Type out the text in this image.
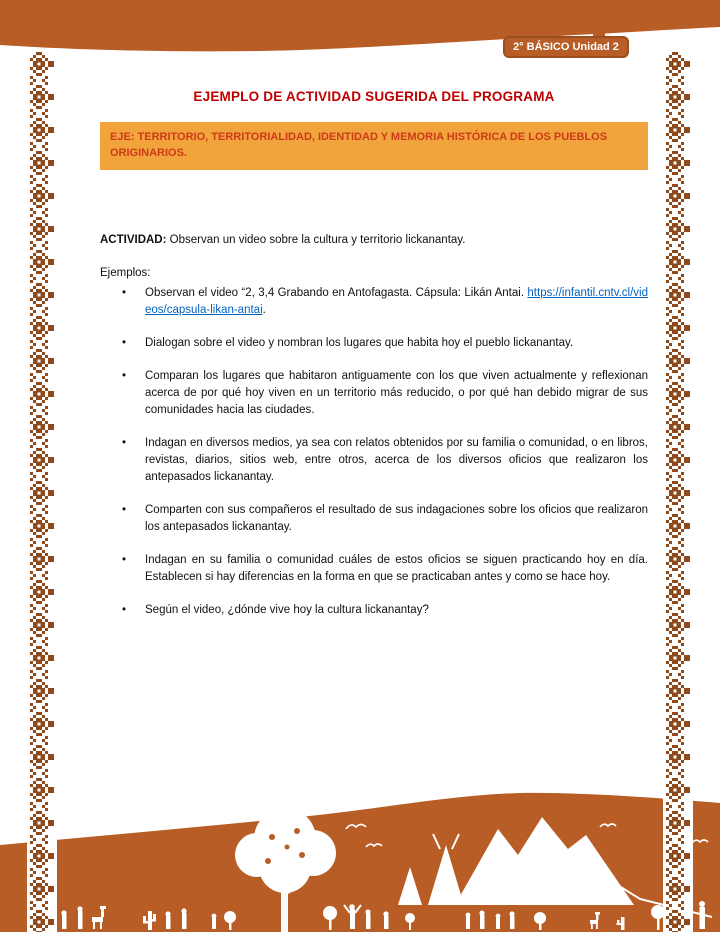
2° BÁSICO Unidad 2
EJEMPLO DE ACTIVIDAD SUGERIDA DEL PROGRAMA
EJE: TERRITORIO, TERRITORIALIDAD, IDENTIDAD Y MEMORIA HISTÓRICA DE LOS PUEBLOS ORIGINARIOS.

ACTIVIDAD: Observan un video sobre la cultura y territorio lickanantay.

Ejemplos:

•	Observan el video “2, 3,4 Grabando en Antofagasta. Cápsula: Likán Antai. https://infantil.cntv.cl/videos/capsula-likan-antai.
•	Dialogan sobre el video y nombran los lugares que habita hoy el pueblo lickanantay.
•	Comparan los lugares que habitaron antiguamente con los que viven actualmente y reflexionan acerca de por qué hoy viven en un territorio más reducido, o por qué han debido migrar de sus comunidades hacia las ciudades.
•	Indagan en diversos medios, ya sea con relatos obtenidos por su familia o comunidad, o en libros, revistas, diarios, sitios web, entre otros, acerca de los diversos oficios que realizaron los antepasados lickanantay.
•	Comparten con sus compañeros el resultado de sus indagaciones sobre los oficios que realizaron los antepasados lickanantay.
•	Indagan en su familia o comunidad cuáles de estos oficios se siguen practicando hoy en día. Establecen si hay diferencias en la forma en que se practicaban antes y como se hace hoy.
•	Según el video, ¿dónde vive hoy la cultura lickanantay?
